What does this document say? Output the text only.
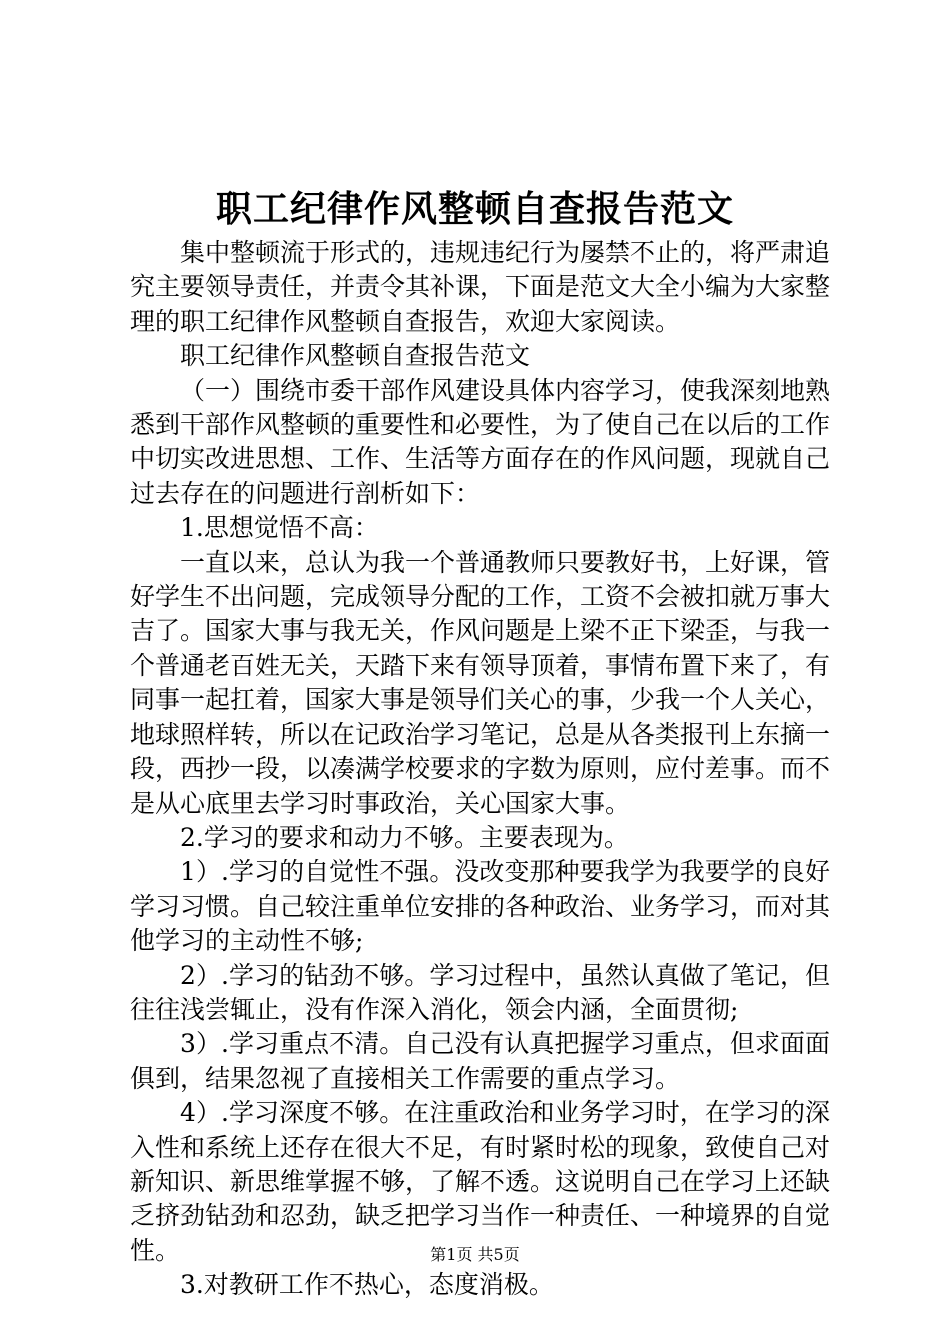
职工纪律作风整顿自查报告范文

集中整顿流于形式的，违规违纪行为屡禁不止的，将严肃追究主要领导责任，并责令其补课，下面是范文大全小编为大家整理的职工纪律作风整顿自查报告，欢迎大家阅读。

职工纪律作风整顿自查报告范文

（一）围绕市委干部作风建设具体内容学习，使我深刻地熟悉到干部作风整顿的重要性和必要性，为了使自己在以后的工作中切实改进思想、工作、生活等方面存在的作风问题，现就自己过去存在的问题进行剖析如下：

1.思想觉悟不高：

一直以来，总认为我一个普通教师只要教好书，上好课，管好学生不出问题，完成领导分配的工作，工资不会被扣就万事大吉了。国家大事与我无关，作风问题是上梁不正下梁歪，与我一个普通老百姓无关，天踏下来有领导顶着，事情布置下来了，有同事一起扛着，国家大事是领导们关心的事，少我一个人关心，地球照样转，所以在记政治学习笔记，总是从各类报刊上东摘一段，西抄一段，以凑满学校要求的字数为原则，应付差事。而不是从心底里去学习时事政治，关心国家大事。

2.学习的要求和动力不够。主要表现为。

1）.学习的自觉性不强。没改变那种要我学为我要学的良好学习习惯。自己较注重单位安排的各种政治、业务学习，而对其他学习的主动性不够;

2）.学习的钻劲不够。学习过程中，虽然认真做了笔记，但往往浅尝辄止，没有作深入消化，领会内涵，全面贯彻;

3）.学习重点不清。自己没有认真把握学习重点，但求面面俱到，结果忽视了直接相关工作需要的重点学习。

4）.学习深度不够。在注重政治和业务学习时，在学习的深入性和系统上还存在很大不足，有时紧时松的现象，致使自己对新知识、新思维掌握不够，了解不透。这说明自己在学习上还缺乏挤劲钻劲和忍劲，缺乏把学习当作一种责任、一种境界的自觉性。

3.对教研工作不热心，态度消极。

第1页 共5页
